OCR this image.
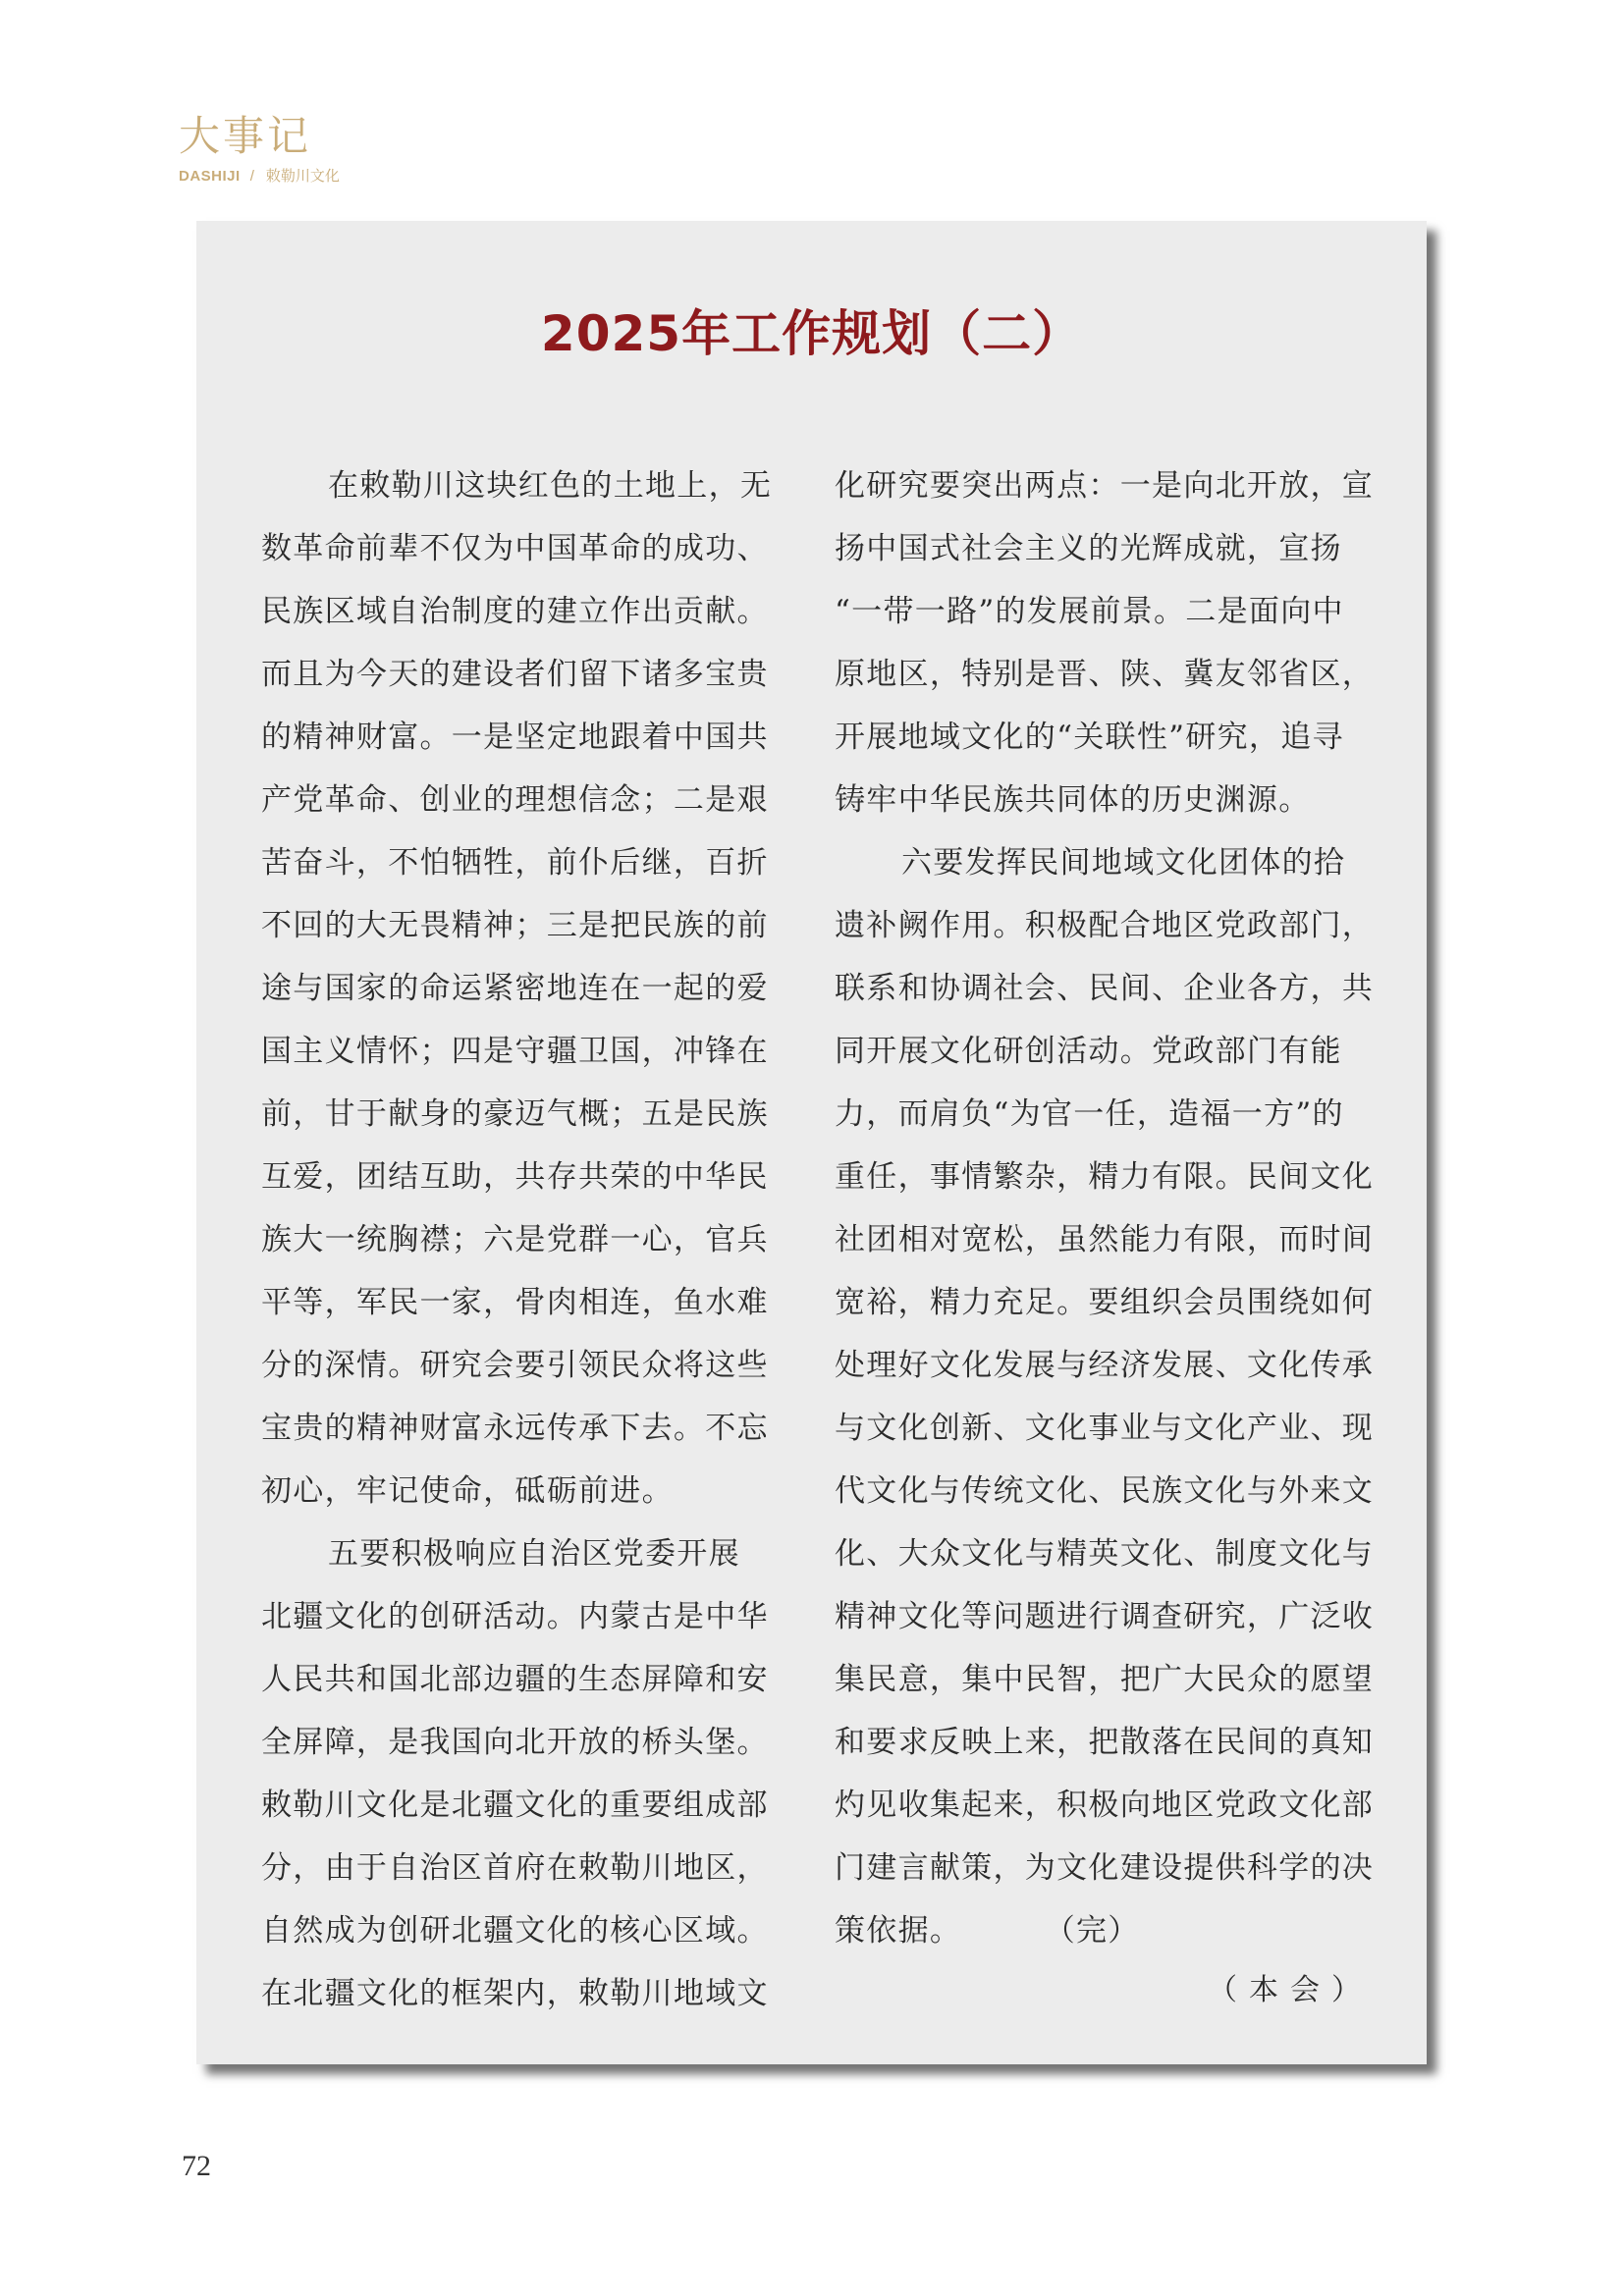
大事记
DASHIJI / 敕勒川文化
2025年工作规划（二）
在敕勒川这块红色的土地上，无
数革命前辈不仅为中国革命的成功、
民族区域自治制度的建立作出贡献。
而且为今天的建设者们留下诸多宝贵
的精神财富。一是坚定地跟着中国共
产党革命、创业的理想信念；二是艰
苦奋斗，不怕牺牲，前仆后继，百折
不回的大无畏精神；三是把民族的前
途与国家的命运紧密地连在一起的爱
国主义情怀；四是守疆卫国，冲锋在
前，甘于献身的豪迈气概；五是民族
互爱，团结互助，共存共荣的中华民
族大一统胸襟；六是党群一心，官兵
平等，军民一家，骨肉相连，鱼水难
分的深情。研究会要引领民众将这些
宝贵的精神财富永远传承下去。不忘
初心，牢记使命，砥砺前进。
五要积极响应自治区党委开展
北疆文化的创研活动。内蒙古是中华
人民共和国北部边疆的生态屏障和安
全屏障，是我国向北开放的桥头堡。
敕勒川文化是北疆文化的重要组成部
分，由于自治区首府在敕勒川地区，
自然成为创研北疆文化的核心区域。
在北疆文化的框架内，敕勒川地域文
化研究要突出两点：一是向北开放，宣
扬中国式社会主义的光辉成就，宣扬
“一带一路”的发展前景。二是面向中
原地区，特别是晋、陕、冀友邻省区，
开展地域文化的“关联性”研究，追寻
铸牢中华民族共同体的历史渊源。
六要发挥民间地域文化团体的拾
遗补阙作用。积极配合地区党政部门，
联系和协调社会、民间、企业各方，共
同开展文化研创活动。党政部门有能
力，而肩负“为官一任，造福一方”的
重任，事情繁杂，精力有限。民间文化
社团相对宽松，虽然能力有限，而时间
宽裕，精力充足。要组织会员围绕如何
处理好文化发展与经济发展、文化传承
与文化创新、文化事业与文化产业、现
代文化与传统文化、民族文化与外来文
化、大众文化与精英文化、制度文化与
精神文化等问题进行调查研究，广泛收
集民意，集中民智，把广大民众的愿望
和要求反映上来，把散落在民间的真知
灼见收集起来，积极向地区党政文化部
门建言献策，为文化建设提供科学的决
策依据。	（完）
（本会）
72
